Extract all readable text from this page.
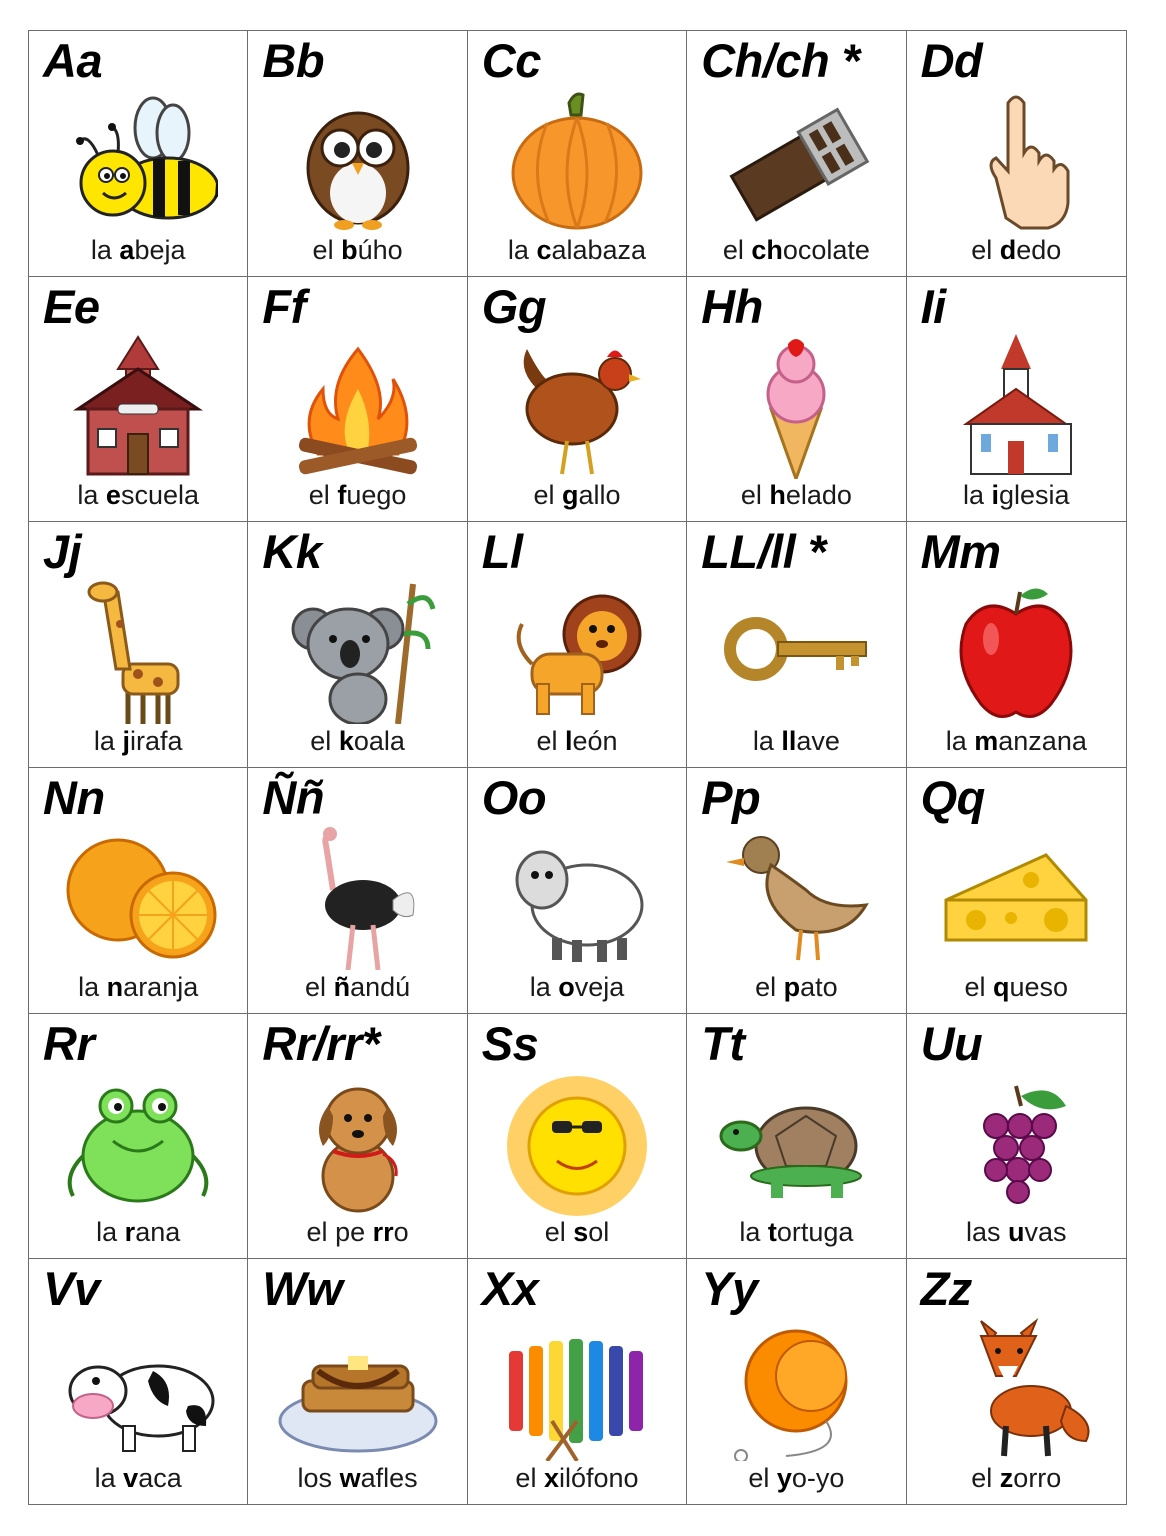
Aa
la abeja
Bb
el búho
Cc
la calabaza
Ch/ch *
el chocolate
Dd
el dedo
Ee
la escuela
Ff
el fuego
Gg
el gallo
Hh
el helado
Ii
la iglesia
Jj
la jirafa
Kk
el koala
Ll
el león
LL/ll *
la llave
Mm
la manzana
Nn
la naranja
Ññ
el ñandú
Oo
la oveja
Pp
el pato
Qq
el queso
Rr
la rana
Rr/rr*
el pe rro
Ss
el sol
Tt
la tortuga
Uu
las uvas
Vv
la vaca
Ww
los wafles
Xx
el xilófono
Yy
el yo-yo
Zz
el zorro
